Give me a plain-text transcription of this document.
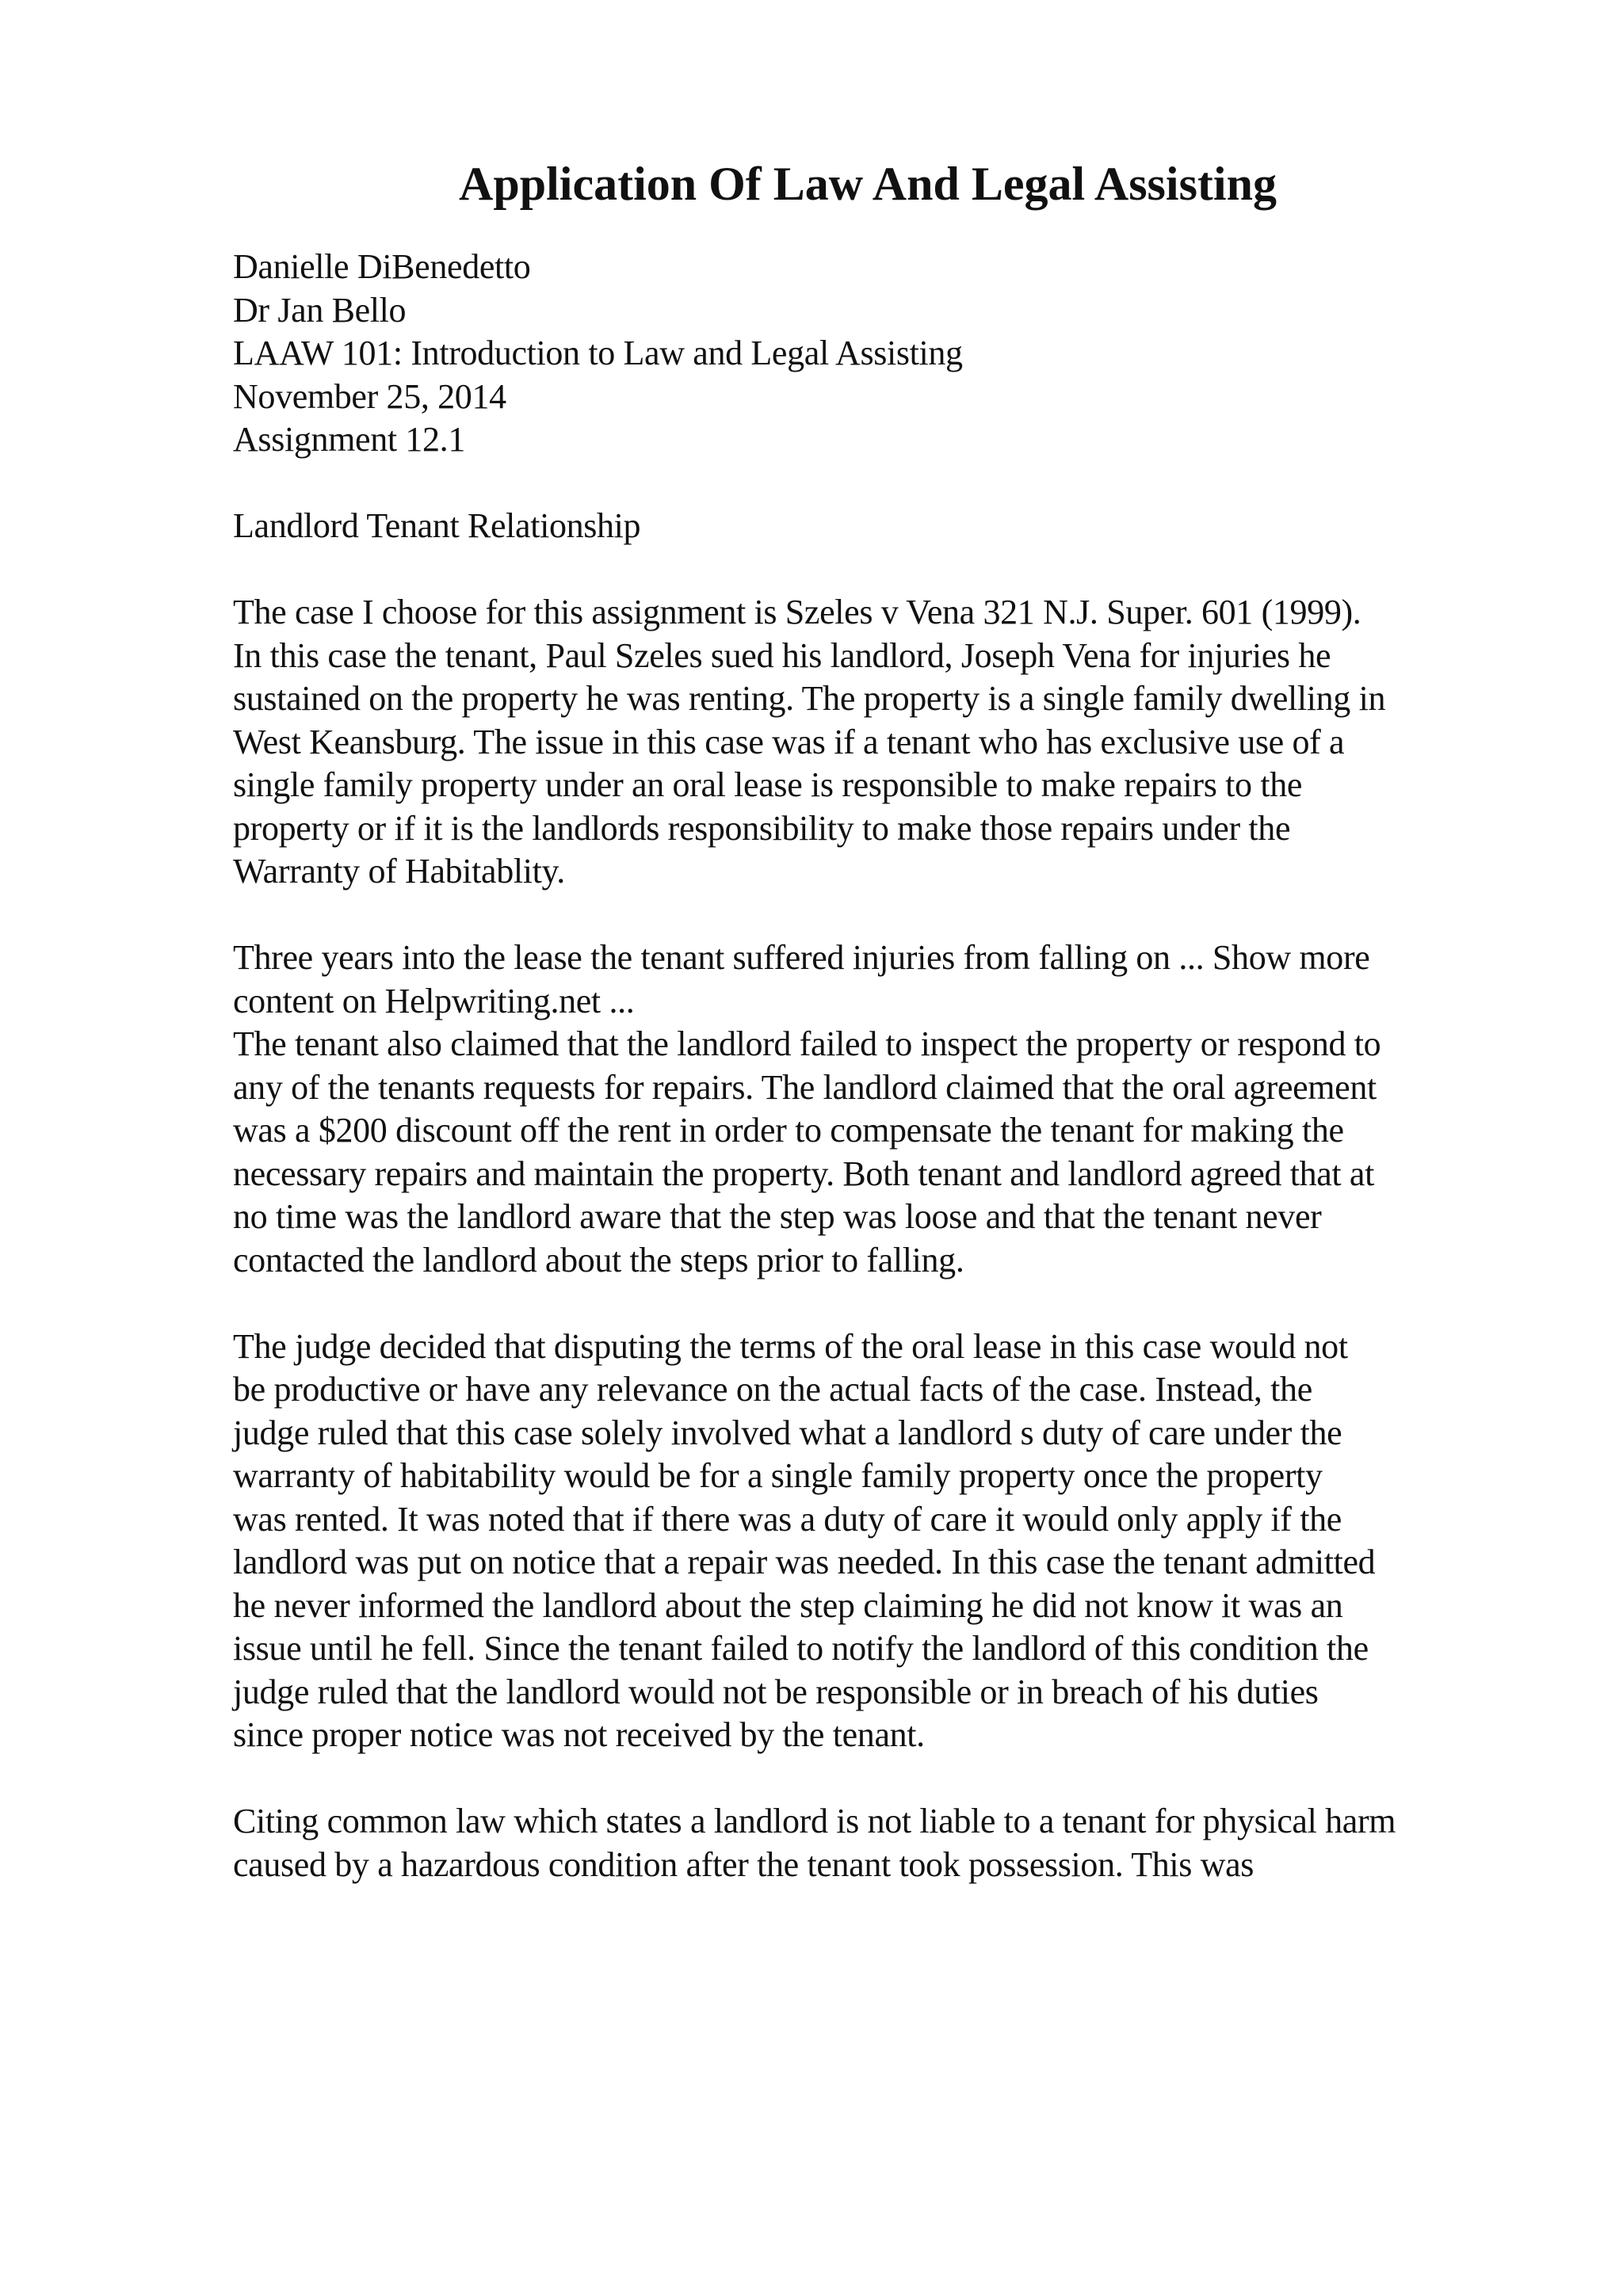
Application Of Law And Legal Assisting
Danielle DiBenedetto
Dr Jan Bello
LAAW 101: Introduction to Law and Legal Assisting
November 25, 2014
Assignment 12.1
Landlord Tenant Relationship
The case I choose for this assignment is Szeles v Vena 321 N.J. Super. 601 (1999).
In this case the tenant, Paul Szeles sued his landlord, Joseph Vena for injuries he
sustained on the property he was renting. The property is a single family dwelling in
West Keansburg. The issue in this case was if a tenant who has exclusive use of a
single family property under an oral lease is responsible to make repairs to the
property or if it is the landlords responsibility to make those repairs under the
Warranty of Habitablity.
Three years into the lease the tenant suffered injuries from falling on ... Show more
content on Helpwriting.net ...
The tenant also claimed that the landlord failed to inspect the property or respond to
any of the tenants requests for repairs. The landlord claimed that the oral agreement
was a $200 discount off the rent in order to compensate the tenant for making the
necessary repairs and maintain the property. Both tenant and landlord agreed that at
no time was the landlord aware that the step was loose and that the tenant never
contacted the landlord about the steps prior to falling.
The judge decided that disputing the terms of the oral lease in this case would not
be productive or have any relevance on the actual facts of the case. Instead, the
judge ruled that this case solely involved what a landlord s duty of care under the
warranty of habitability would be for a single family property once the property
was rented. It was noted that if there was a duty of care it would only apply if the
landlord was put on notice that a repair was needed. In this case the tenant admitted
he never informed the landlord about the step claiming he did not know it was an
issue until he fell. Since the tenant failed to notify the landlord of this condition the
judge ruled that the landlord would not be responsible or in breach of his duties
since proper notice was not received by the tenant.
Citing common law which states a landlord is not liable to a tenant for physical harm
caused by a hazardous condition after the tenant took possession. This was
